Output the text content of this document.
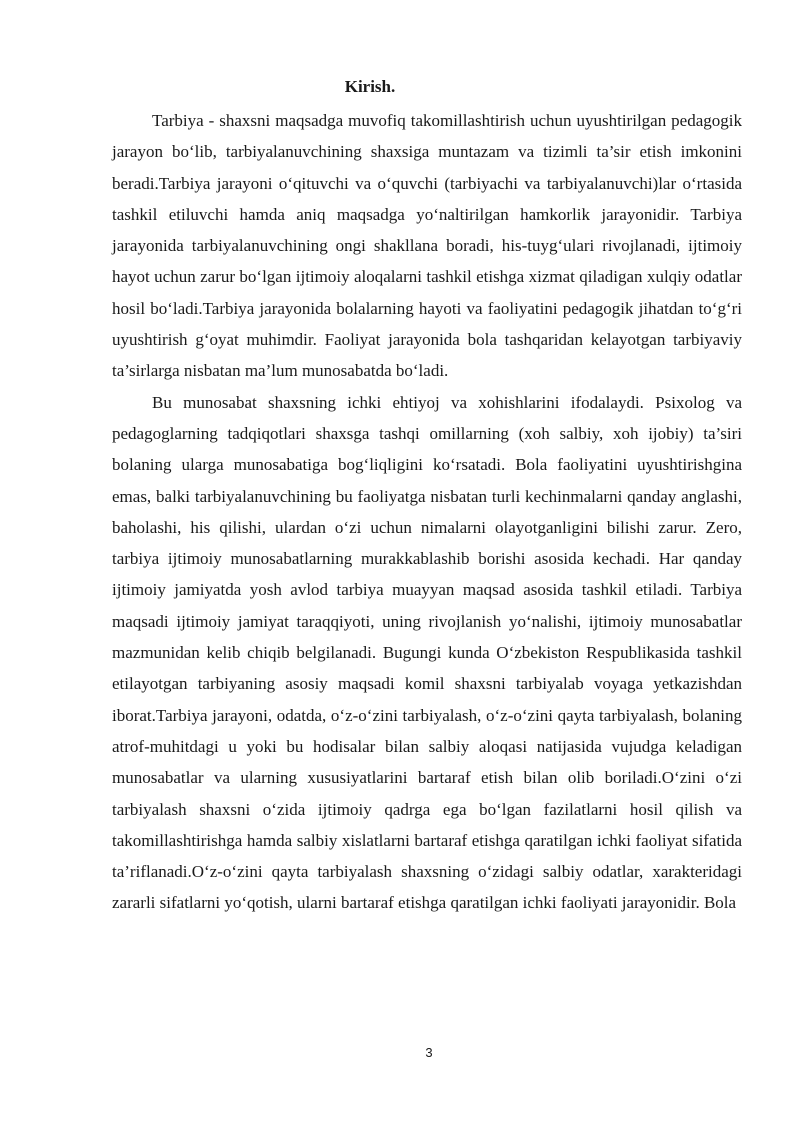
Kirish.

Tarbiya - shaxsni maqsadga muvofiq takomillashtirish uchun uyushtirilgan pedagogik jarayon bo‘lib, tarbiyalanuvchining shaxsiga muntazam va tizimli ta’sir etish imkonini beradi.Tarbiya jarayoni o‘qituvchi va o‘quvchi (tarbiyachi va tarbiyalanuvchi)lar o‘rtasida tashkil etiluvchi hamda aniq maqsadga yo‘naltirilgan hamkorlik jarayonidir. Tarbiya jarayonida tarbiyalanuvchining ongi shakllana boradi, his-tuyg‘ulari rivojlanadi, ijtimoiy hayot uchun zarur bo‘lgan ijtimoiy aloqalarni tashkil etishga xizmat qiladigan xulqiy odatlar hosil bo‘ladi.Tarbiya jarayonida bolalarning hayoti va faoliyatini pedagogik jihatdan to‘g‘ri uyushtirish g‘oyat muhimdir. Faoliyat jarayonida bola tashqaridan kelayotgan tarbiyaviy ta’sirlarga nisbatan ma’lum munosabatda bo‘ladi.

Bu munosabat shaxsning ichki ehtiyoj va xohishlarini ifodalaydi. Psixolog va pedagoglarning tadqiqotlari shaxsga tashqi omillarning (xoh salbiy, xoh ijobiy) ta’siri bolaning ularga munosabatiga bog‘liqligini ko‘rsatadi. Bola faoliyatini uyushtirishgina emas, balki tarbiyalanuvchining bu faoliyatga nisbatan turli kechinmalarni qanday anglashi, baholashi, his qilishi, ulardan o‘zi uchun nimalarni olayotganligini bilishi zarur. Zero, tarbiya ijtimoiy munosabatlarning murakkablashib borishi asosida kechadi. Har qanday ijtimoiy jamiyatda yosh avlod tarbiya muayyan maqsad asosida tashkil etiladi. Tarbiya maqsadi ijtimoiy jamiyat taraqqiyoti, uning rivojlanish yo‘nalishi, ijtimoiy munosabatlar mazmunidan kelib chiqib belgilanadi. Bugungi kunda O‘zbekiston Respublikasida tashkil etilayotgan tarbiyaning asosiy maqsadi komil shaxsni tarbiyalab voyaga yetkazishdan iborat.Tarbiya jarayoni, odatda, o‘z-o‘zini tarbiyalash, o‘z-o‘zini qayta tarbiyalash, bolaning atrof-muhitdagi u yoki bu hodisalar bilan salbiy aloqasi natijasida vujudga keladigan munosabatlar va ularning xususiyatlarini bartaraf etish bilan olib boriladi.O‘zini o‘zi tarbiyalash shaxsni o‘zida ijtimoiy qadrga ega bo‘lgan fazilatlarni hosil qilish va takomillashtirishga hamda salbiy xislatlarni bartaraf etishga qaratilgan ichki faoliyat sifatida ta’riflanadi.O‘z-o‘zini qayta tarbiyalash shaxsning o‘zidagi salbiy odatlar, xarakteridagi zararli sifatlarni yo‘qotish, ularni bartaraf etishga qaratilgan ichki faoliyati jarayonidir. Bola

3
